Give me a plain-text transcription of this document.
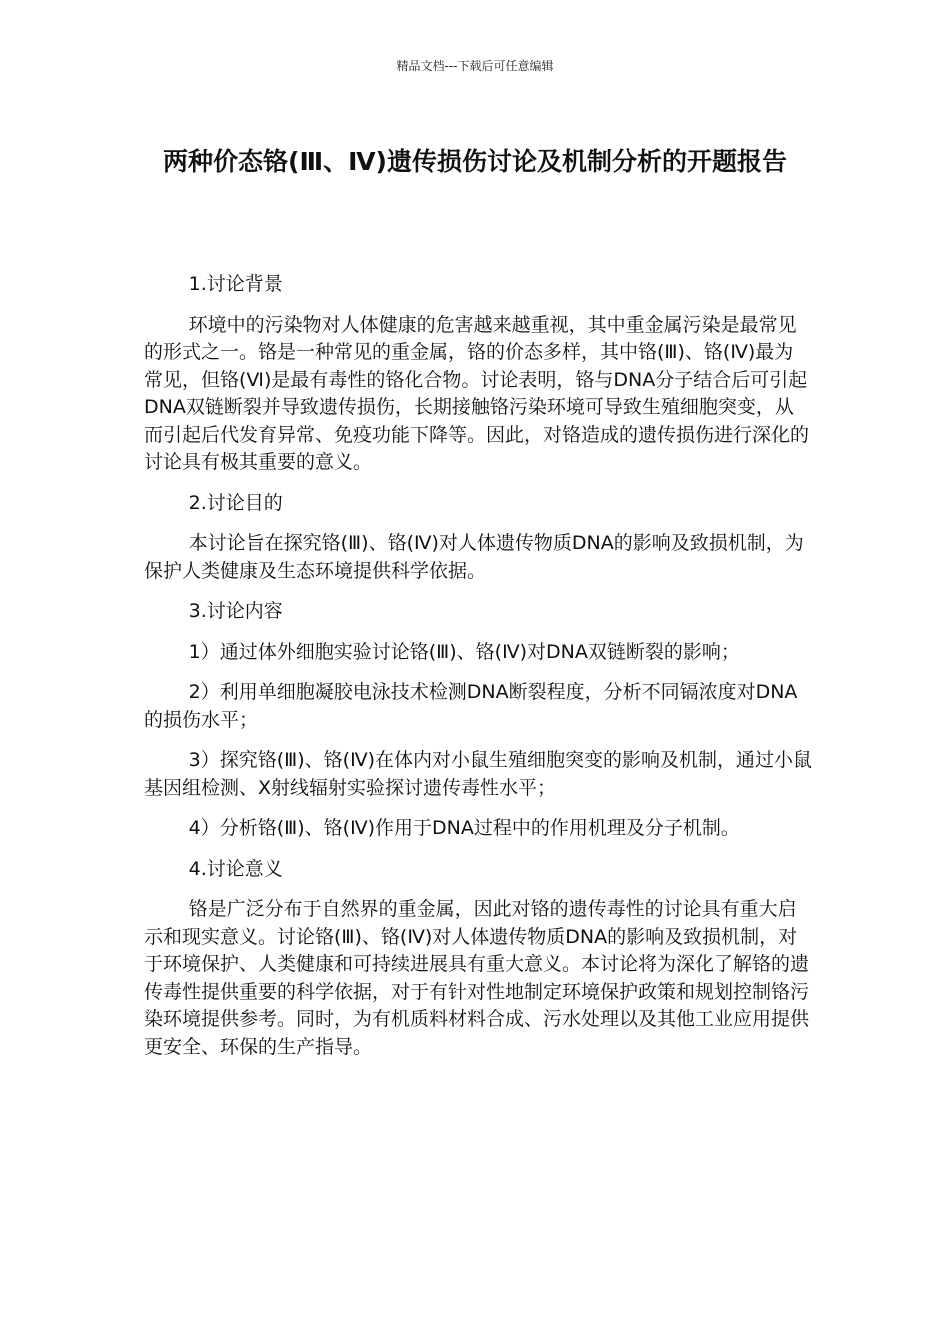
精品文档---下载后可任意编辑
两种价态铬(Ⅲ、Ⅳ)遗传损伤讨论及机制分析的开题报告

1.讨论背景

环境中的污染物对人体健康的危害越来越重视，其中重金属污染是最常见的形式之一。铬是一种常见的重金属，铬的价态多样，其中铬(Ⅲ)、铬(Ⅳ)最为常见，但铬(Ⅵ)是最有毒性的铬化合物。讨论表明，铬与DNA分子结合后可引起DNA双链断裂并导致遗传损伤，长期接触铬污染环境可导致生殖细胞突变，从而引起后代发育异常、免疫功能下降等。因此，对铬造成的遗传损伤进行深化的讨论具有极其重要的意义。

2.讨论目的

本讨论旨在探究铬(Ⅲ)、铬(Ⅳ)对人体遗传物质DNA的影响及致损机制，为保护人类健康及生态环境提供科学依据。

3.讨论内容

1）通过体外细胞实验讨论铬(Ⅲ)、铬(Ⅳ)对DNA双链断裂的影响；

2）利用单细胞凝胶电泳技术检测DNA断裂程度，分析不同镉浓度对DNA的损伤水平；

3）探究铬(Ⅲ)、铬(Ⅳ)在体内对小鼠生殖细胞突变的影响及机制，通过小鼠基因组检测、X射线辐射实验探讨遗传毒性水平；

4）分析铬(Ⅲ)、铬(Ⅳ)作用于DNA过程中的作用机理及分子机制。

4.讨论意义

铬是广泛分布于自然界的重金属，因此对铬的遗传毒性的讨论具有重大启示和现实意义。讨论铬(Ⅲ)、铬(Ⅳ)对人体遗传物质DNA的影响及致损机制，对于环境保护、人类健康和可持续进展具有重大意义。本讨论将为深化了解铬的遗传毒性提供重要的科学依据，对于有针对性地制定环境保护政策和规划控制铬污染环境提供参考。同时，为有机质料材料合成、污水处理以及其他工业应用提供更安全、环保的生产指导。
